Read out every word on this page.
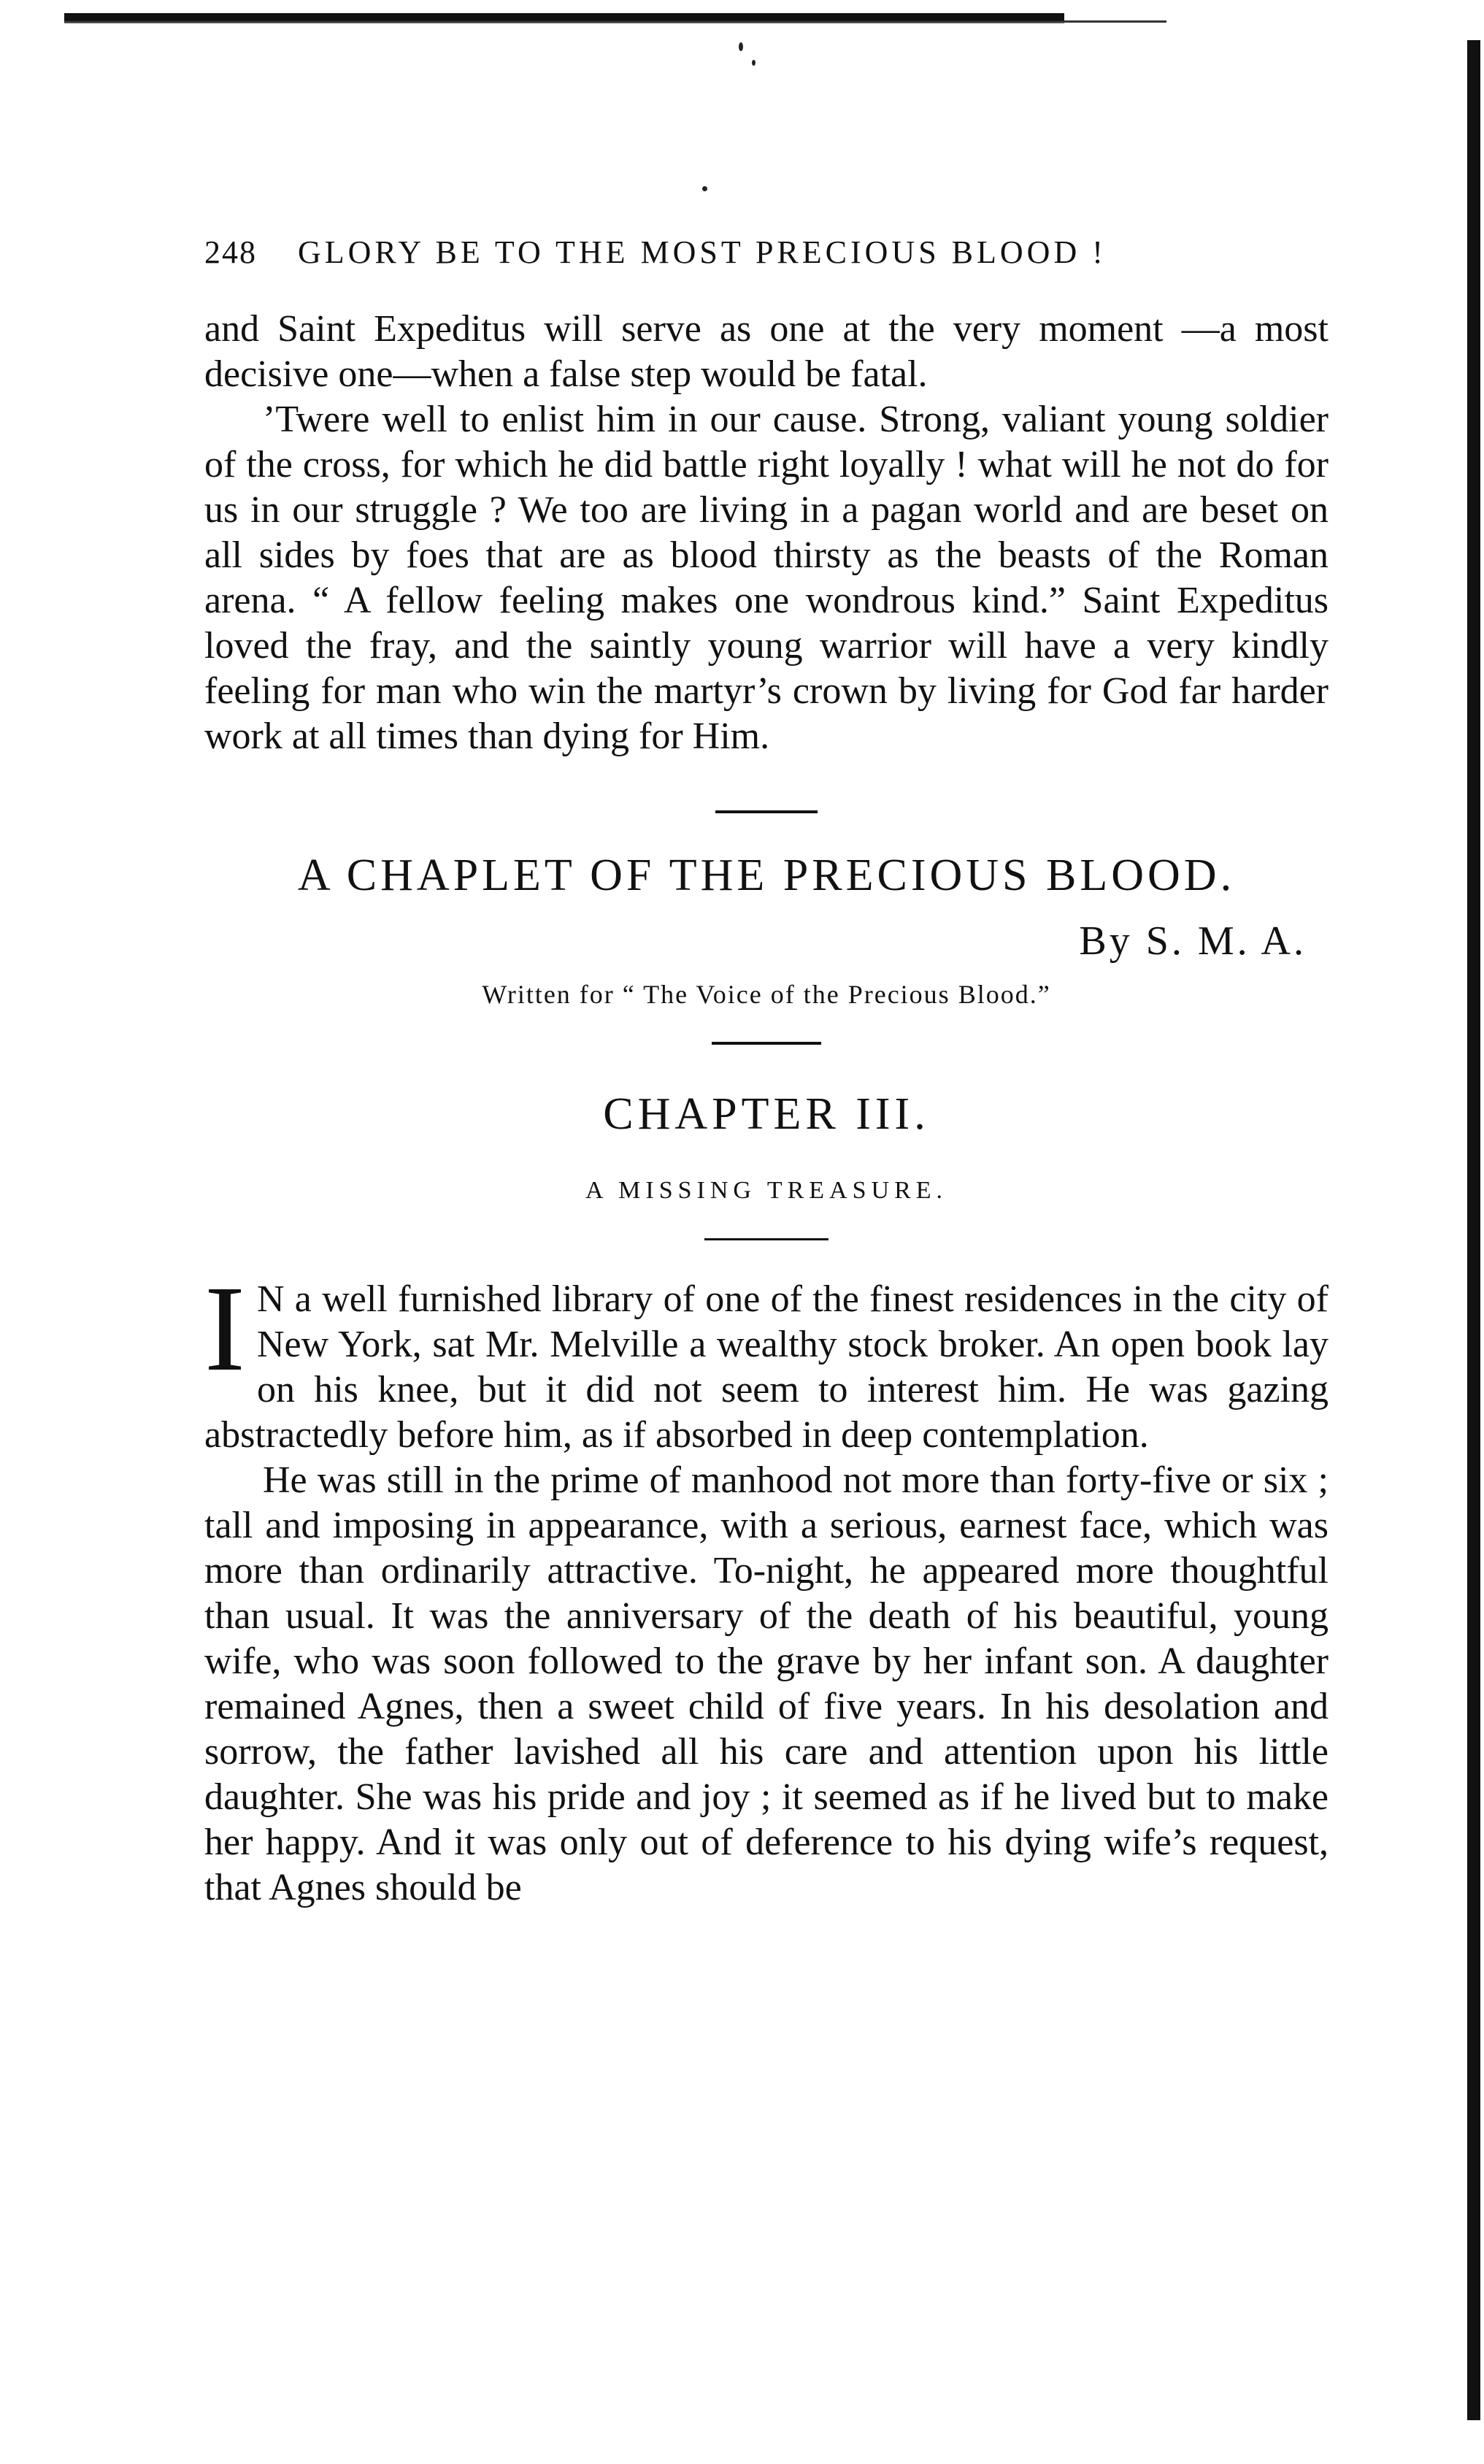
248 GLORY BE TO THE MOST PRECIOUS BLOOD !

and Saint Expeditus will serve as one at the very moment —a most decisive one—when a false step would be fatal.

’Twere well to enlist him in our cause. Strong, valiant young soldier of the cross, for which he did battle right loyally ! what will he not do for us in our struggle ? We too are living in a pagan world and are beset on all sides by foes that are as blood thirsty as the beasts of the Roman arena. “ A fellow feeling makes one wondrous kind.” Saint Expeditus loved the fray, and the saintly young warrior will have a very kindly feeling for man who win the martyr’s crown by living for God far harder work at all times than dying for Him.

A CHAPLET OF THE PRECIOUS BLOOD.

By S. M. A.

Written for “ The Voice of the Precious Blood.”

CHAPTER III.

A MISSING TREASURE.

I N a well furnished library of one of the finest residences in the city of New York, sat Mr. Melville a wealthy stock broker. An open book lay on his knee, but it did not seem to interest him. He was gazing abstractedly before him, as if absorbed in deep contemplation.

He was still in the prime of manhood not more than forty-five or six ; tall and imposing in appearance, with a serious, earnest face, which was more than ordinarily attractive. To-night, he appeared more thoughtful than usual. It was the anniversary of the death of his beautiful, young wife, who was soon followed to the grave by her infant son. A daughter remained Agnes, then a sweet child of five years. In his desolation and sorrow, the father lavished all his care and attention upon his little daughter. She was his pride and joy ; it seemed as if he lived but to make her happy. And it was only out of deference to his dying wife’s request, that Agnes should be
